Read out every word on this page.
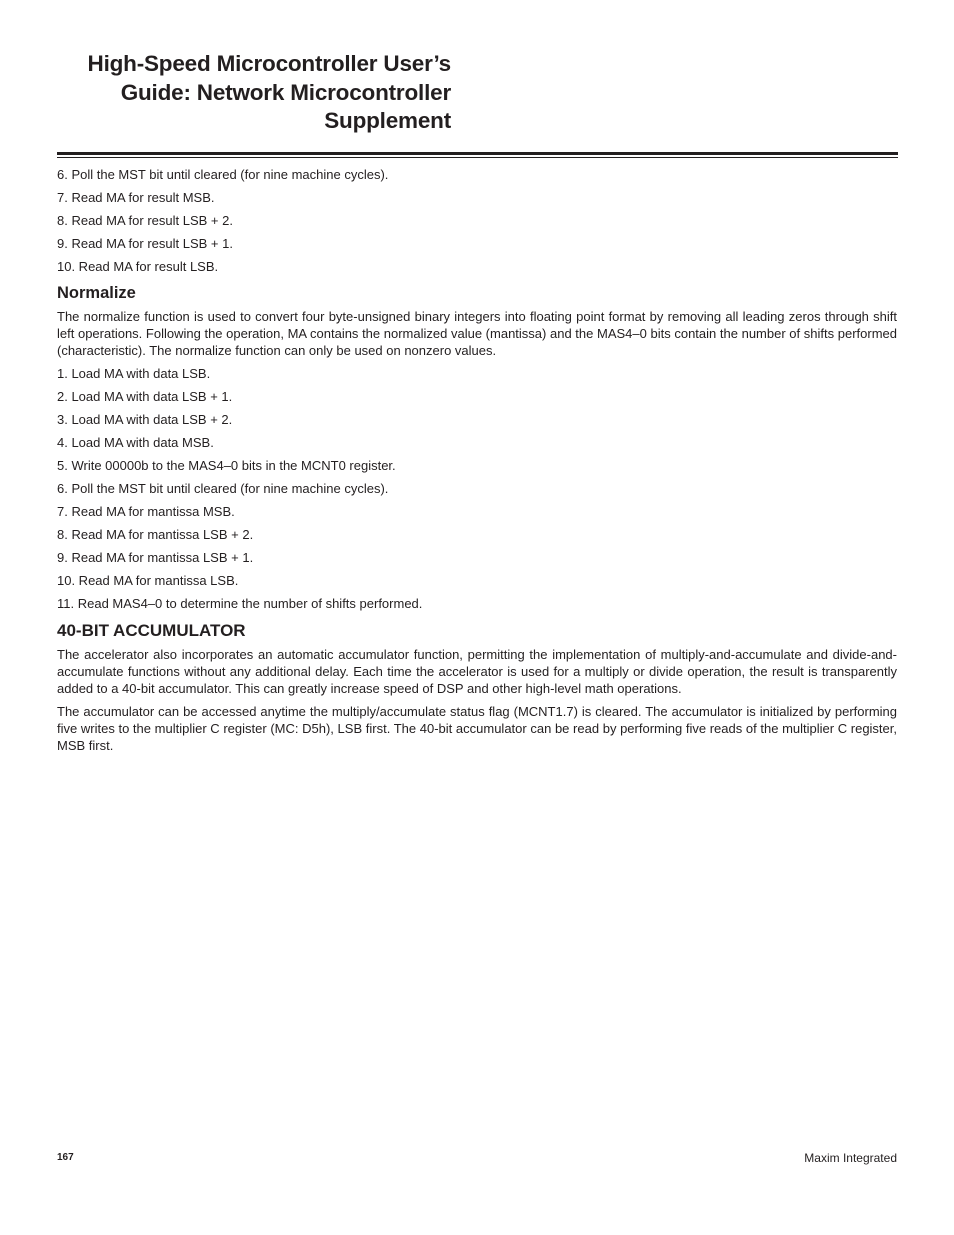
High-Speed Microcontroller User’s
Guide: Network Microcontroller
Supplement

6. Poll the MST bit until cleared (for nine machine cycles).

7. Read MA for result MSB.

8. Read MA for result LSB + 2.

9. Read MA for result LSB + 1.

10. Read MA for result LSB.

Normalize

The normalize function is used to convert four byte-unsigned binary integers into floating point format by removing all leading zeros through shift left operations. Following the operation, MA contains the normalized value (mantissa) and the MAS4–0 bits contain the number of shifts performed (characteristic). The normalize function can only be used on nonzero values.

1. Load MA with data LSB.

2. Load MA with data LSB + 1.

3. Load MA with data LSB + 2.

4. Load MA with data MSB.

5. Write 00000b to the MAS4–0 bits in the MCNT0 register.

6. Poll the MST bit until cleared (for nine machine cycles).

7. Read MA for mantissa MSB.

8. Read MA for mantissa LSB + 2.

9. Read MA for mantissa LSB + 1.

10. Read MA for mantissa LSB.

11. Read MAS4–0 to determine the number of shifts performed.

40-BIT ACCUMULATOR

The accelerator also incorporates an automatic accumulator function, permitting the implementation of multiply-and-accumulate and divide-and-accumulate functions without any additional delay. Each time the accelerator is used for a multiply or divide operation, the result is transparently added to a 40-bit accumulator. This can greatly increase speed of DSP and other high-level math operations.

The accumulator can be accessed anytime the multiply/accumulate status flag (MCNT1.7) is cleared. The accumulator is initialized by performing five writes to the multiplier C register (MC: D5h), LSB first. The 40-bit accumulator can be read by performing five reads of the multiplier C register, MSB first.

167	Maxim Integrated
